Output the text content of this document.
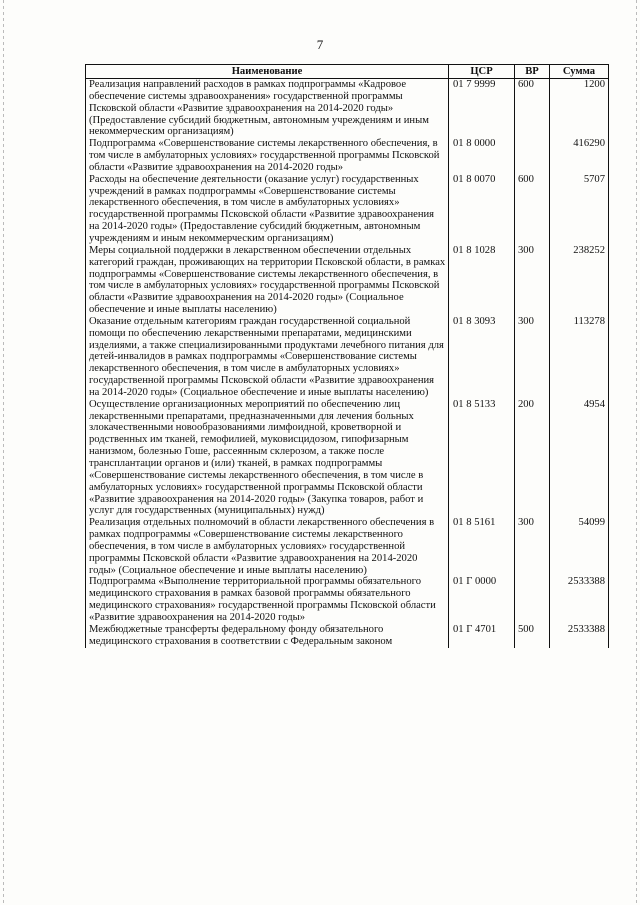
7
Наименование	ЦСР	ВР	Сумма
Реализация направлений расходов в рамках подпрограммы «Кадровое обеспечение системы здравоохранения» государственной программы Псковской области «Развитие здравоохранения на 2014-2020 годы» (Предоставление субсидий бюджетным, автономным учреждениям и иным некоммерческим организациям)	01 7 9999	600	1200
Подпрограмма «Совершенствование системы лекарственного обеспечения, в том числе в амбулаторных условиях» государственной программы Псковской области «Развитие здравоохранения на 2014-2020 годы»	01 8 0000		416290
Расходы на обеспечение деятельности (оказание услуг) государственных учреждений в рамках подпрограммы «Совершенствование системы лекарственного обеспечения, в том числе в амбулаторных условиях» государственной программы Псковской области «Развитие здравоохранения на 2014-2020 годы» (Предоставление субсидий бюджетным, автономным учреждениям и иным некоммерческим организациям)	01 8 0070	600	5707
Меры социальной поддержки в лекарственном обеспечении отдельных категорий граждан, проживающих на территории Псковской области, в рамках подпрограммы «Совершенствование системы лекарственного обеспечения, в том числе в амбулаторных условиях» государственной программы Псковской области «Развитие здравоохранения на 2014-2020 годы» (Социальное обеспечение и иные выплаты населению)	01 8 1028	300	238252
Оказание отдельным категориям граждан государственной социальной помощи по обеспечению лекарственными препаратами, медицинскими изделиями, а также специализированными продуктами лечебного питания для детей-инвалидов в рамках подпрограммы «Совершенствование системы лекарственного обеспечения, в том числе в амбулаторных условиях» государственной программы Псковской области «Развитие здравоохранения на 2014-2020 годы» (Социальное обеспечение и иные выплаты населению)	01 8 3093	300	113278
Осуществление организационных мероприятий по обеспечению лиц лекарственными препаратами, предназначенными для лечения больных злокачественными новообразованиями лимфоидной, кроветворной и родственных им тканей, гемофилией, муковисцидозом, гипофизарным нанизмом, болезнью Гоше, рассеянным склерозом, а также после трансплантации органов и (или) тканей, в рамках подпрограммы «Совершенствование системы лекарственного обеспечения, в том числе в амбулаторных условиях» государственной программы Псковской области «Развитие здравоохранения на 2014-2020 годы» (Закупка товаров, работ и услуг для государственных (муниципальных) нужд)	01 8 5133	200	4954
Реализация отдельных полномочий в области лекарственного обеспечения в рамках подпрограммы «Совершенствование системы лекарственного обеспечения, в том числе в амбулаторных условиях» государственной программы Псковской области «Развитие здравоохранения на 2014-2020 годы» (Социальное обеспечение и иные выплаты населению)	01 8 5161	300	54099
Подпрограмма «Выполнение территориальной программы обязательного медицинского страхования в рамках базовой программы обязательного медицинского страхования» государственной программы Псковской области «Развитие здравоохранения на 2014-2020 годы»	01 Г 0000		2533388
Межбюджетные трансферты федеральному фонду обязательного медицинского страхования в соответствии с Федеральным законом	01 Г 4701	500	2533388
